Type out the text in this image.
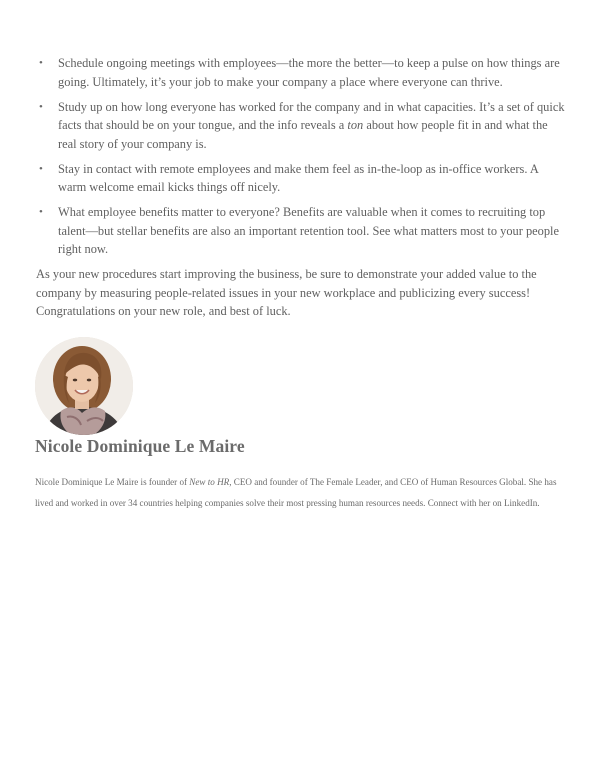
• Schedule ongoing meetings with employees—the more the better—to keep a pulse on how things are going. Ultimately, it’s your job to make your company a place where everyone can thrive.
• Study up on how long everyone has worked for the company and in what capacities. It’s a set of quick facts that should be on your tongue, and the info reveals a ton about how people fit in and what the real story of your company is.
• Stay in contact with remote employees and make them feel as in-the-loop as in-office workers. A warm welcome email kicks things off nicely.
• What employee benefits matter to everyone? Benefits are valuable when it comes to recruiting top talent—but stellar benefits are also an important retention tool. See what matters most to your people right now.

As your new procedures start improving the business, be sure to demonstrate your added value to the company by measuring people-related issues in your new workplace and publicizing every success! Congratulations on your new role, and best of luck.

Nicole Dominique Le Maire

Nicole Dominique Le Maire is founder of New to HR, CEO and founder of The Female Leader, and CEO of Human Resources Global. She has lived and worked in over 34 countries helping companies solve their most pressing human resources needs. Connect with her on LinkedIn.
